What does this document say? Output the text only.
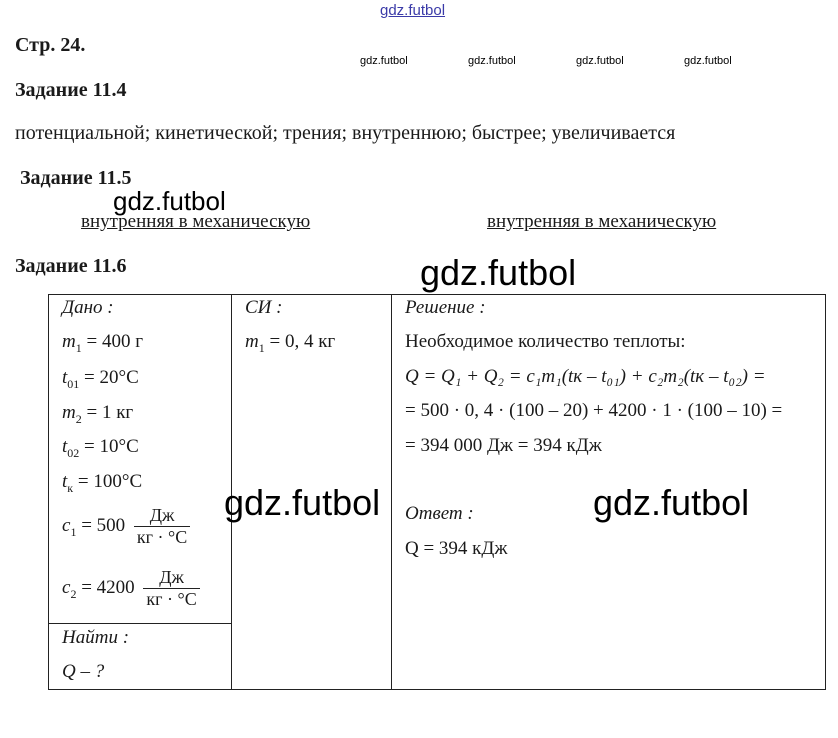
gdz.futbol
gdz.futbol	gdz.futbol	gdz.futbol	gdz.futbol
Стр. 24.
Задание 11.4
потенциальной; кинетической; трения; внутреннюю; быстрее; увеличивается
Задание 11.5
gdz.futbol
внутренняя в механическую	внутренняя в механическую
Задание 11.6	gdz.futbol
Дано :
$m_1 = 400$ г
$t_{01} = 20^\circ C$
$m_2 = 1$ кг
$t_{02} = 10^\circ C$
$t_к = 100^\circ C$
$c_1 = 500 \frac{Дж}{кг \cdot ^\circ C}$
$c_2 = 4200 \frac{Дж}{кг \cdot ^\circ C}$
Найти :
Q – ?
СИ :
$m_1 = 0$, 4 кг
Решение :
Необходимое количество теплоты:
Q = Q₁ + Q₂ = c₁m₁(tк – t₀₁) + c₂m₂(tк – t₀₂) =
= 500 · 0, 4 · (100 – 20) + 4200 · 1 · (100 – 10) =
= 394 000 Дж = 394 кДж
Ответ :
Q = 394 кДж
gdz.futbol	gdz.futbol
